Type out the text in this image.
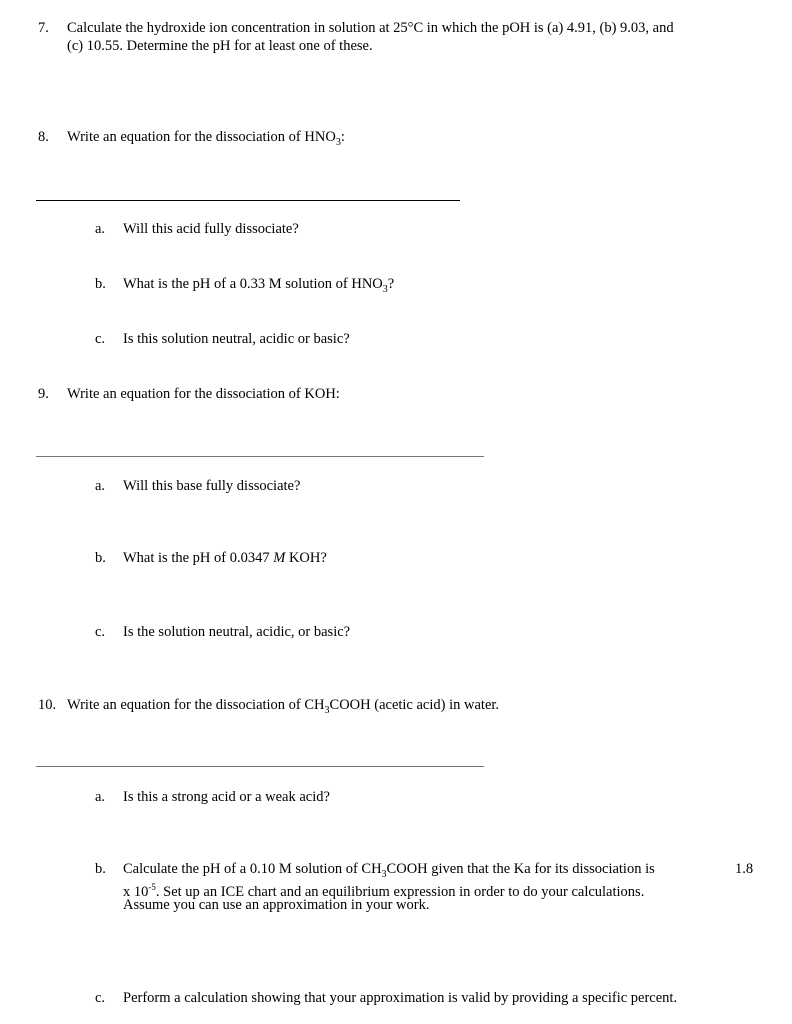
7. Calculate the hydroxide ion concentration in solution at 25°C in which the pOH is (a) 4.91, (b) 9.03, and
(c) 10.55. Determine the pH for at least one of these.
8. Write an equation for the dissociation of $HNO_3$:
a. Will this acid fully dissociate?
b. What is the pH of a 0.33 M solution of $HNO_3$?
c. Is this solution neutral, acidic or basic?
9. Write an equation for the dissociation of KOH:
a. Will this base fully dissociate?
b. What is the pH of 0.0347 M KOH?
c. Is the solution neutral, acidic, or basic?
10. Write an equation for the dissociation of $CH_3COOH$ (acetic acid) in water.
a. Is this a strong acid or a weak acid?
b. Calculate the pH of a 0.10 M solution of $CH_3COOH$ given that the Ka for its dissociation is
x $10^{-5}$. Set up an ICE chart and an equilibrium expression in order to do your calculations.
Assume you can use an approximation in your work.
1.8
c. Perform a calculation showing that your approximation is valid by providing a specific percent.
